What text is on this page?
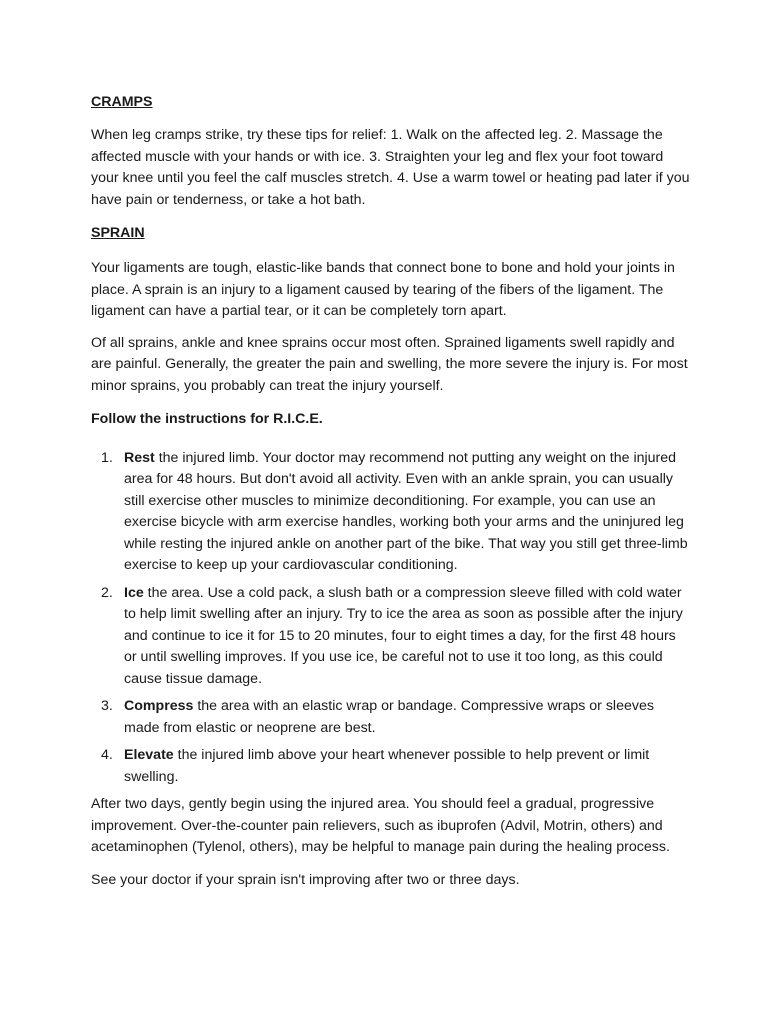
CRAMPS

When leg cramps strike, try these tips for relief: 1. Walk on the affected leg. 2. Massage the affected muscle with your hands or with ice. 3. Straighten your leg and flex your foot toward your knee until you feel the calf muscles stretch. 4. Use a warm towel or heating pad later if you have pain or tenderness, or take a hot bath.

SPRAIN

Your ligaments are tough, elastic-like bands that connect bone to bone and hold your joints in place. A sprain is an injury to a ligament caused by tearing of the fibers of the ligament. The ligament can have a partial tear, or it can be completely torn apart.

Of all sprains, ankle and knee sprains occur most often. Sprained ligaments swell rapidly and are painful. Generally, the greater the pain and swelling, the more severe the injury is. For most minor sprains, you probably can treat the injury yourself.

Follow the instructions for R.I.C.E.

1. Rest the injured limb. Your doctor may recommend not putting any weight on the injured area for 48 hours. But don't avoid all activity. Even with an ankle sprain, you can usually still exercise other muscles to minimize deconditioning. For example, you can use an exercise bicycle with arm exercise handles, working both your arms and the uninjured leg while resting the injured ankle on another part of the bike. That way you still get three-limb exercise to keep up your cardiovascular conditioning.
2. Ice the area. Use a cold pack, a slush bath or a compression sleeve filled with cold water to help limit swelling after an injury. Try to ice the area as soon as possible after the injury and continue to ice it for 15 to 20 minutes, four to eight times a day, for the first 48 hours or until swelling improves. If you use ice, be careful not to use it too long, as this could cause tissue damage.
3. Compress the area with an elastic wrap or bandage. Compressive wraps or sleeves made from elastic or neoprene are best.
4. Elevate the injured limb above your heart whenever possible to help prevent or limit swelling.

After two days, gently begin using the injured area. You should feel a gradual, progressive improvement. Over-the-counter pain relievers, such as ibuprofen (Advil, Motrin, others) and acetaminophen (Tylenol, others), may be helpful to manage pain during the healing process.

See your doctor if your sprain isn't improving after two or three days.
